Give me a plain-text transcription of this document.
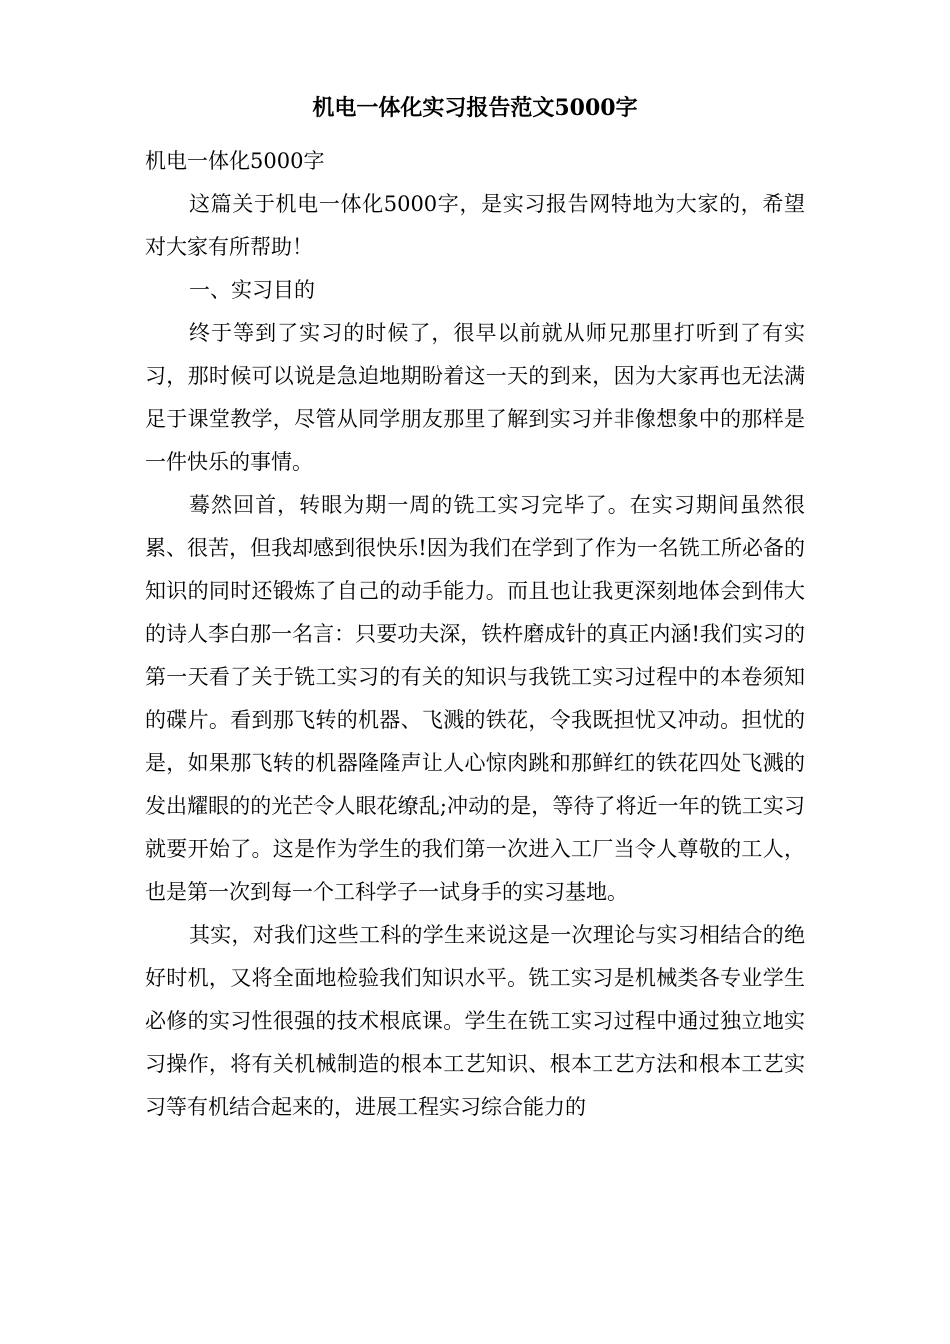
机电一体化实习报告范文5000字

机电一体化5000字

这篇关于机电一体化5000字，是实习报告网特地为大家的，希望对大家有所帮助！

一、实习目的

终于等到了实习的时候了，很早以前就从师兄那里打听到了有实习，那时候可以说是急迫地期盼着这一天的到来，因为大家再也无法满足于课堂教学，尽管从同学朋友那里了解到实习并非像想象中的那样是一件快乐的事情。

蓦然回首，转眼为期一周的铣工实习完毕了。在实习期间虽然很累、很苦，但我却感到很快乐!因为我们在学到了作为一名铣工所必备的知识的同时还锻炼了自己的动手能力。而且也让我更深刻地体会到伟大的诗人李白那一名言：只要功夫深，铁杵磨成针的真正内涵!我们实习的第一天看了关于铣工实习的有关的知识与我铣工实习过程中的本卷须知的碟片。看到那飞转的机器、飞溅的铁花，令我既担忧又冲动。担忧的是，如果那飞转的机器隆隆声让人心惊肉跳和那鲜红的铁花四处飞溅的发出耀眼的的光芒令人眼花缭乱;冲动的是，等待了将近一年的铣工实习就要开始了。这是作为学生的我们第一次进入工厂当令人尊敬的工人，也是第一次到每一个工科学子一试身手的实习基地。

其实，对我们这些工科的学生来说这是一次理论与实习相结合的绝好时机，又将全面地检验我们知识水平。铣工实习是机械类各专业学生必修的实习性很强的技术根底课。学生在铣工实习过程中通过独立地实习操作，将有关机械制造的根本工艺知识、根本工艺方法和根本工艺实习等有机结合起来的，进展工程实习综合能力的
